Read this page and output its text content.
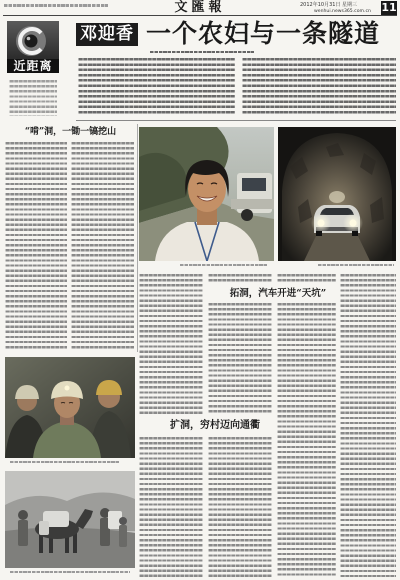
文匯報	2012年10月31日 星期三
wenhui.news365.com.cn 11
近距离
邓迎香 一个农妇与一条隧道
“啃”洞，一锄一镐挖山
拓洞，汽车开进“天坑”
扩洞，穷村迈向通衢
